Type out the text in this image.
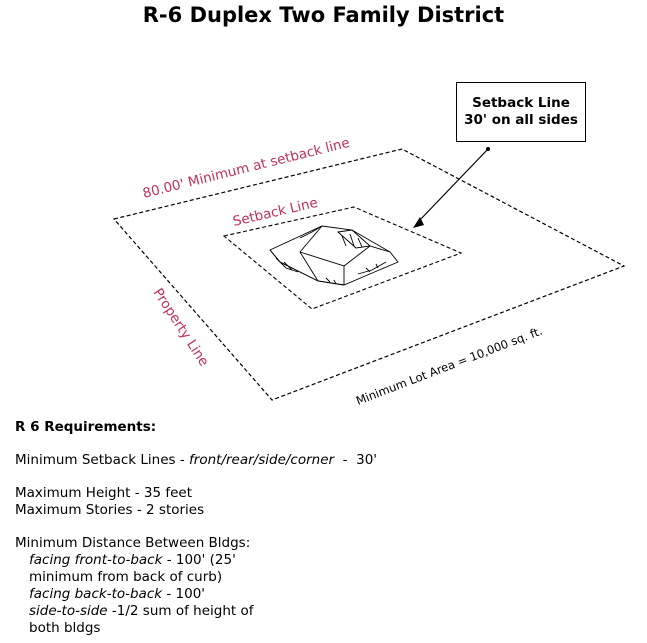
R-6 Duplex Two Family District
80.00' Minimum at setback line
Setback Line
Property Line	Minimum Lot Area = 10,000 sq. ft.
Setback Line
30' on all sides
R 6 Requirements:
Minimum Setback Lines - front/rear/side/corner  -  30'
Maximum Height - 35 feet
Maximum Stories - 2 stories
Minimum Distance Between Bldgs:
facing front-to-back - 100' (25'
minimum from back of curb)
facing back-to-back - 100'
side-to-side -1/2 sum of height of
both bldgs
